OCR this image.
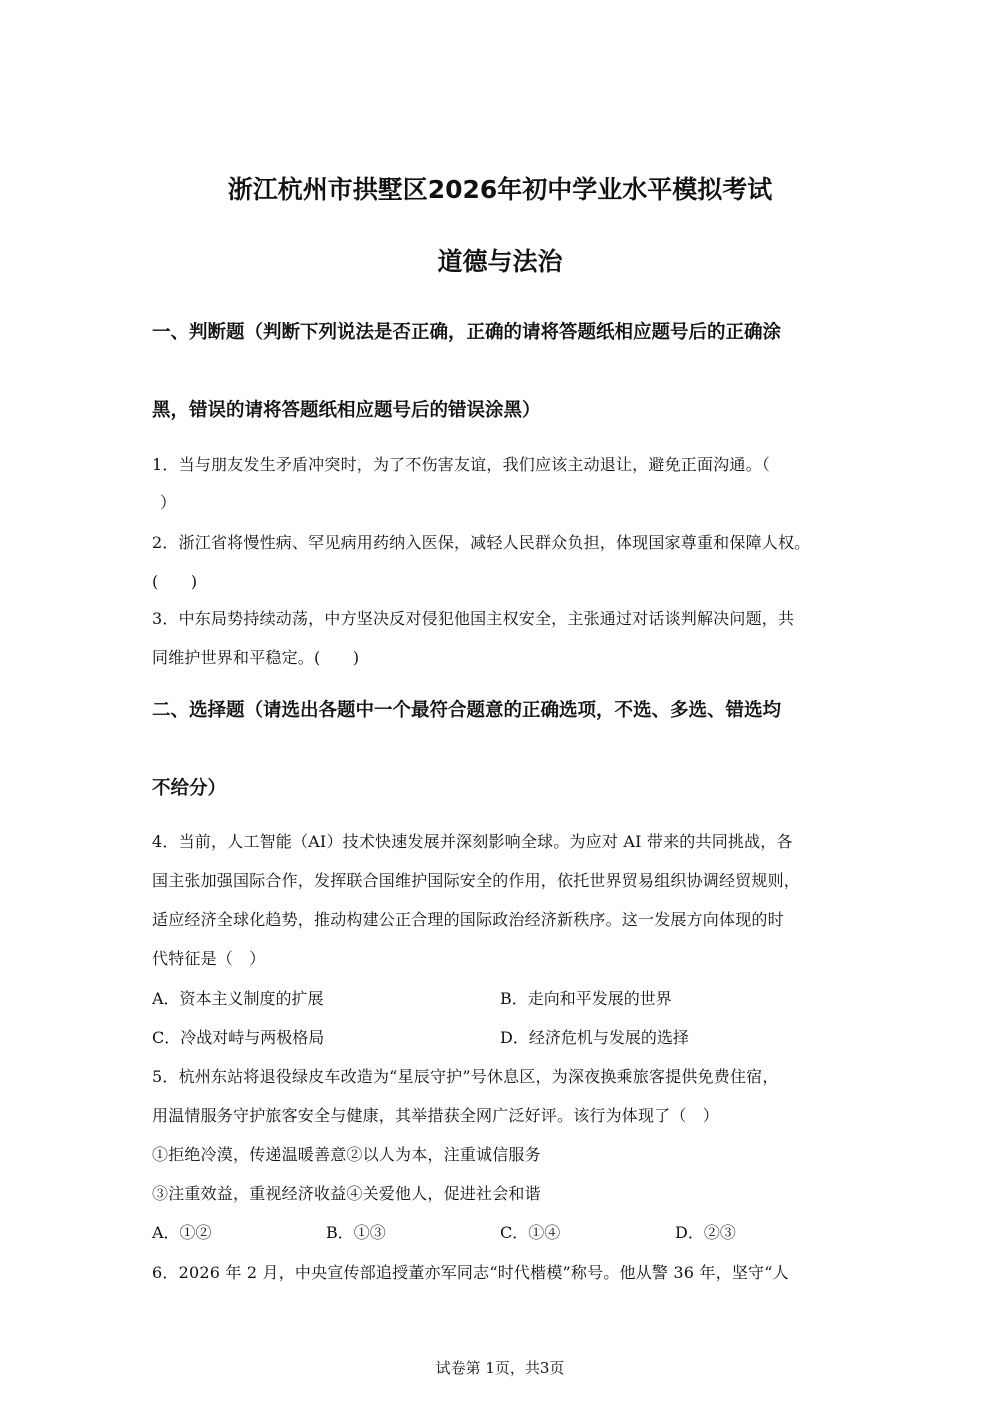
浙江杭州市拱墅区2026年初中学业水平模拟考试
道德与法治
一、判断题（判断下列说法是否正确，正确的请将答题纸相应题号后的正确涂
黑，错误的请将答题纸相应题号后的错误涂黑）
1．当与朋友发生矛盾冲突时，为了不伤害友谊，我们应该主动退让，避免正面沟通。（
）
2．浙江省将慢性病、罕见病用药纳入医保，减轻人民群众负担，体现国家尊重和保障人权。
(　　)
3．中东局势持续动荡，中方坚决反对侵犯他国主权安全，主张通过对话谈判解决问题，共
同维护世界和平稳定。(　　)
二、选择题（请选出各题中一个最符合题意的正确选项，不选、多选、错选均
不给分）
4．当前，人工智能（AI）技术快速发展并深刻影响全球。为应对 AI 带来的共同挑战，各
国主张加强国际合作，发挥联合国维护国际安全的作用，依托世界贸易组织协调经贸规则，
适应经济全球化趋势，推动构建公正合理的国际政治经济新秩序。这一发展方向体现的时
代特征是（　）
A．资本主义制度的扩展	B．走向和平发展的世界
C．冷战对峙与两极格局	D．经济危机与发展的选择
5．杭州东站将退役绿皮车改造为“星辰守护”号休息区，为深夜换乘旅客提供免费住宿，
用温情服务守护旅客安全与健康，其举措获全网广泛好评。该行为体现了（　）
①拒绝冷漠，传递温暖善意②以人为本，注重诚信服务
③注重效益，重视经济收益④关爱他人，促进社会和谐
A．①②	B．①③	C．①④	D．②③
6．2026 年 2 月，中央宣传部追授董亦军同志“时代楷模”称号。他从警 36 年，坚守“人
试卷第 1页，共3页
